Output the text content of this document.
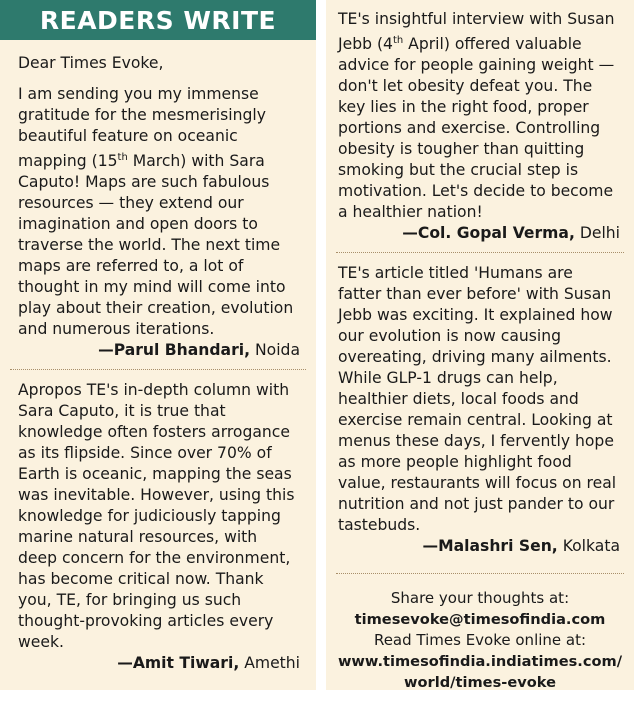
READERS WRITE

Dear Times Evoke,

I am sending you my immense gratitude for the mesmerisingly beautiful feature on oceanic mapping (15th March) with Sara Caputo! Maps are such fabulous resources — they extend our imagination and open doors to traverse the world. The next time maps are referred to, a lot of thought in my mind will come into play about their creation, evolution and numerous iterations.

—Parul Bhandari, Noida

Apropos TE's in-depth column with Sara Caputo, it is true that knowledge often fosters arrogance as its flipside. Since over 70% of Earth is oceanic, mapping the seas was inevitable. However, using this knowledge for judiciously tapping marine natural resources, with deep concern for the environment, has become critical now. Thank you, TE, for bringing us such thought-provoking articles every week.

—Amit Tiwari, Amethi

TE's insightful interview with Susan Jebb (4th April) offered valuable advice for people gaining weight — don't let obesity defeat you. The key lies in the right food, proper portions and exercise. Controlling obesity is tougher than quitting smoking but the crucial step is motivation. Let's decide to become a healthier nation!

—Col. Gopal Verma, Delhi

TE's article titled 'Humans are fatter than ever before' with Susan Jebb was exciting. It explained how our evolution is now causing overeating, driving many ailments. While GLP-1 drugs can help, healthier diets, local foods and exercise remain central. Looking at menus these days, I fervently hope as more people highlight food value, restaurants will focus on real nutrition and not just pander to our tastebuds.

—Malashri Sen, Kolkata

Share your thoughts at:

timesevoke@timesofindia.com

Read Times Evoke online at:

www.timesofindia.indiatimes.com/

world/times-evoke
